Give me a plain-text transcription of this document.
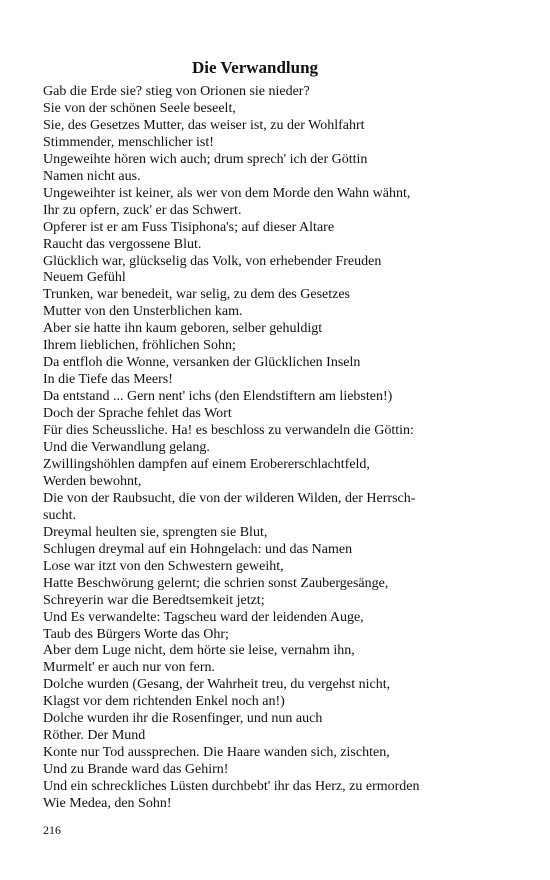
Die Verwandlung
Gab die Erde sie? stieg von Orionen sie nieder?
Sie von der schönen Seele beseelt,
Sie, des Gesetzes Mutter, das weiser ist, zu der Wohlfahrt
Stimmender, menschlicher ist!
Ungeweihte hören wich auch; drum sprech' ich der Göttin
Namen nicht aus.
Ungeweihter ist keiner, als wer von dem Morde den Wahn wähnt,
Ihr zu opfern, zuck' er das Schwert.
Opferer ist er am Fuss Tisiphona's; auf dieser Altare
Raucht das vergossene Blut.
Glücklich war, glückselig das Volk, von erhebender Freuden
Neuem Gefühl
Trunken, war benedeit, war selig, zu dem des Gesetzes
Mutter von den Unsterblichen kam.
Aber sie hatte ihn kaum geboren, selber gehuldigt
Ihrem lieblichen, fröhlichen Sohn;
Da entfloh die Wonne, versanken der Glücklichen Inseln
In die Tiefe das Meers!
Da entstand ... Gern nent' ichs (den Elendstiftern am liebsten!)
Doch der Sprache fehlet das Wort
Für dies Scheussliche. Ha! es beschloss zu verwandeln die Göttin:
Und die Verwandlung gelang.
Zwillingshöhlen dampfen auf einem Erobererschlachtfeld,
Werden bewohnt,
Die von der Raubsucht, die von der wilderen Wilden, der Herrsch-
sucht.
Dreymal heulten sie, sprengten sie Blut,
Schlugen dreymal auf ein Hohngelach: und das Namen
Lose war itzt von den Schwestern geweiht,
Hatte Beschwörung gelernt; die schrien sonst Zaubergesänge,
Schreyerin war die Beredtsemkeit jetzt;
Und Es verwandelte: Tagscheu ward der leidenden Auge,
Taub des Bürgers Worte das Ohr;
Aber dem Luge nicht, dem hörte sie leise, vernahm ihn,
Murmelt' er auch nur von fern.
Dolche wurden (Gesang, der Wahrheit treu, du vergehst nicht,
Klagst vor dem richtenden Enkel noch an!)
Dolche wurden ihr die Rosenfinger, und nun auch
Röther. Der Mund
Konte nur Tod aussprechen. Die Haare wanden sich, zischten,
Und zu Brande ward das Gehirn!
Und ein schreckliches Lüsten durchbebt' ihr das Herz, zu ermorden
Wie Medea, den Sohn!
216
